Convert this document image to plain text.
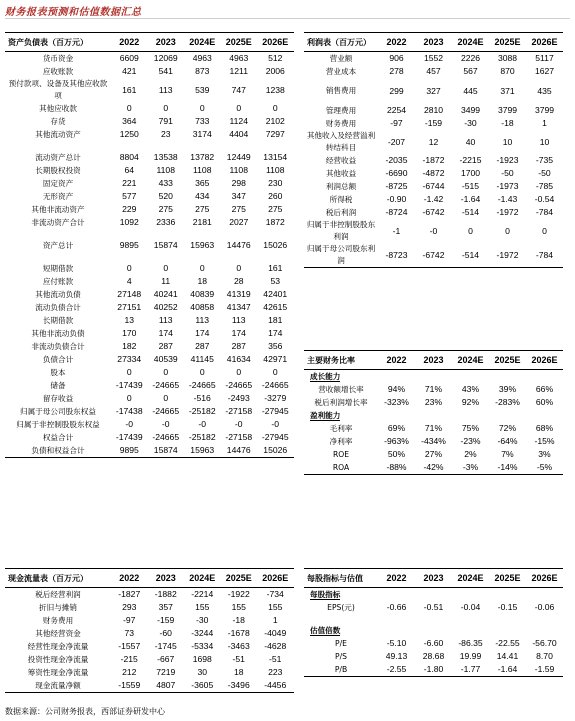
财务报表预测和估值数据汇总
资产负债表（百万元）	2022	2023	2024E	2025E	2026E
货币资金	6609	12069	4963	4963	512
应收账款	421	541	873	1211	2006
预付款项、设备及其他应收款项	161	113	539	747	1238
其他应收款	0	0	0	0	0
存货	364	791	733	1124	2102
其他流动资产	1250	23	3174	4404	7297

流动资产总计	8804	13538	13782	12449	13154
长期股权投资	64	1108	1108	1108	1108
固定资产	221	433	365	298	230
无形资产	577	520	434	347	260
其他非流动资产	229	275	275	275	275
非流动资产合计	1092	2336	2181	2027	1872

资产总计	9895	15874	15963	14476	15026

短期借款	0	0	0	0	161
应付账款	4	11	18	28	53
其他流动负债	27148	40241	40839	41319	42401
流动负债合计	27151	40252	40858	41347	42615
长期借款	13	113	113	113	181
其他非流动负债	170	174	174	174	174
非流动负债合计	182	287	287	287	356
负债合计	27334	40539	41145	41634	42971
股本	0	0	0	0	0
储备	-17439	-24665	-24665	-24665	-24665
留存收益	0	0	-516	-2493	-3279
归属于母公司股东权益	-17438	-24665	-25182	-27158	-27945
归属于非控制股股东权益	-0	-0	-0	-0	-0
权益合计	-17439	-24665	-25182	-27158	-27945
负债和权益合计	9895	15874	15963	14476	15026
利润表（百万元）	2022	2023	2024E	2025E	2026E
营业额	906	1552	2226	3088	5117
营业成本	278	457	567	870	1627
销售费用	299	327	445	371	435
管理费用	2254	2810	3499	3799	3799
财务费用	-97	-159	-30	-18	1
其他收入及经营溢利转结科目	-207	12	40	10	10
经营收益	-2035	-1872	-2215	-1923	-735
其他收益	-6690	-4872	1700	-50	-50
利润总额	-8725	-6744	-515	-1973	-785
所得税	-0.90	-1.42	-1.64	-1.43	-0.54
税后利润	-8724	-6742	-514	-1972	-784
归属于非控制股股东利润	-1	-0	0	0	0
归属于母公司股东利润	-8723	-6742	-514	-1972	-784
主要财务比率	2022	2023	2024E	2025E	2026E
成长能力					
营收额增长率	94%	71%	43%	39%	66%
税后利润增长率	-323%	23%	92%	-283%	60%
盈利能力					
毛利率	69%	71%	75%	72%	68%
净利率	-963%	-434%	-23%	-64%	-15%
ROE	50%	27%	2%	7%	3%
ROA	-88%	-42%	-3%	-14%	-5%
现金流量表（百万元）	2022	2023	2024E	2025E	2026E
税后经营利润	-1827	-1882	-2214	-1922	-734
折旧与摊销	293	357	155	155	155
财务费用	-97	-159	-30	-18	1
其他经营资金	73	-60	-3244	-1678	-4049
经营性现金净流量	-1557	-1745	-5334	-3463	-4628
投资性现金净流量	-215	-667	1698	-51	-51
筹资性现金净流量	212	7219	30	18	223
现金流量净额	-1559	4807	-3605	-3496	-4456
每股指标与估值	2022	2023	2024E	2025E	2026E
每股指标					
EPS(元)	-0.66	-0.51	-0.04	-0.15	-0.06

估值倍数					
P/E	-5.10	-6.60	-86.35	-22.55	-56.70
P/S	49.13	28.68	19.99	14.41	8.70
P/B	-2.55	-1.80	-1.77	-1.64	-1.59
数据来源：公司财务报表，西部证券研发中心
